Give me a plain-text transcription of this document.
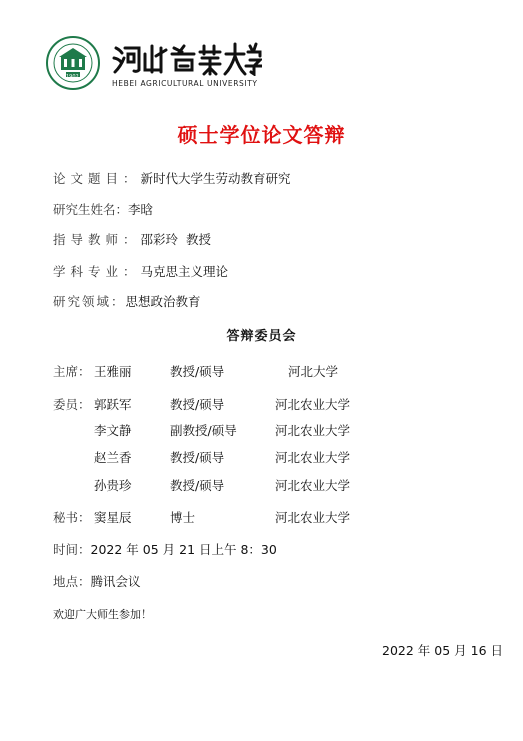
1902
HEBEI AGRICULTURAL UNIVERSITY
硕士学位论文答辩
论文题目：新时代大学生劳动教育研究
研究生姓名：李晗
指导教师：邵彩玲  教授
学科专业：马克思主义理论
研究领域：思想政治教育
答辩委员会
主席： 王雅丽	教授/硕导	河北大学
委员： 郭跃军	教授/硕导	河北农业大学
李文静	副教授/硕导	河北农业大学
赵兰香	教授/硕导	河北农业大学
孙贵珍	教授/硕导	河北农业大学
秘书： 窦星辰	博士	河北农业大学
时间：2022 年 05 月 21 日上午 8：30
地点：腾讯会议
欢迎广大师生参加！
2022 年 05 月 16 日
